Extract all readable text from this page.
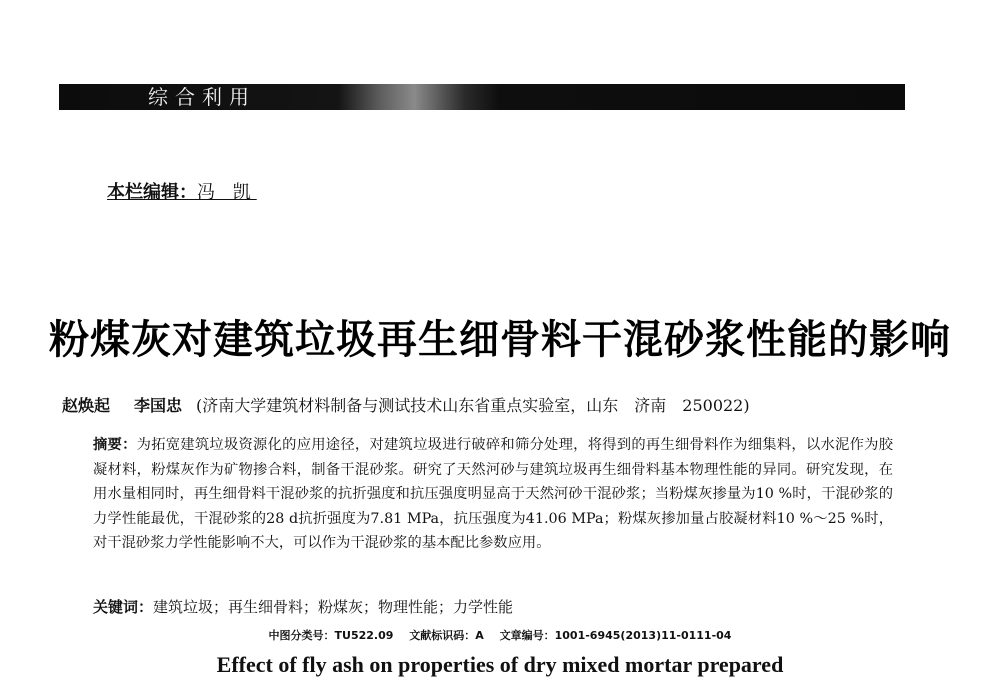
综合利用
本栏编辑：冯 凯
粉煤灰对建筑垃圾再生细骨料干混砂浆性能的影响
赵焕起 李国忠 (济南大学建筑材料制备与测试技术山东省重点实验室，山东　济南　250022)
摘要：为拓宽建筑垃圾资源化的应用途径，对建筑垃圾进行破碎和筛分处理，将得到的再生细骨料作为细集料，以水泥作为胶凝材料，粉煤灰作为矿物掺合料，制备干混砂浆。研究了天然河砂与建筑垃圾再生细骨料基本物理性能的异同。研究发现，在用水量相同时，再生细骨料干混砂浆的抗折强度和抗压强度明显高于天然河砂干混砂浆；当粉煤灰掺量为10 %时，干混砂浆的力学性能最优，干混砂浆的28 d抗折强度为7.81 MPa，抗压强度为41.06 MPa；粉煤灰掺加量占胶凝材料10 %～25 %时，对干混砂浆力学性能影响不大，可以作为干混砂浆的基本配比参数应用。
关键词：建筑垃圾；再生细骨料；粉煤灰；物理性能；力学性能
中图分类号：TU522.09 文献标识码：A 文章编号：1001-6945(2013)11-0111-04
Effect of fly ash on properties of dry mixed mortar prepared
